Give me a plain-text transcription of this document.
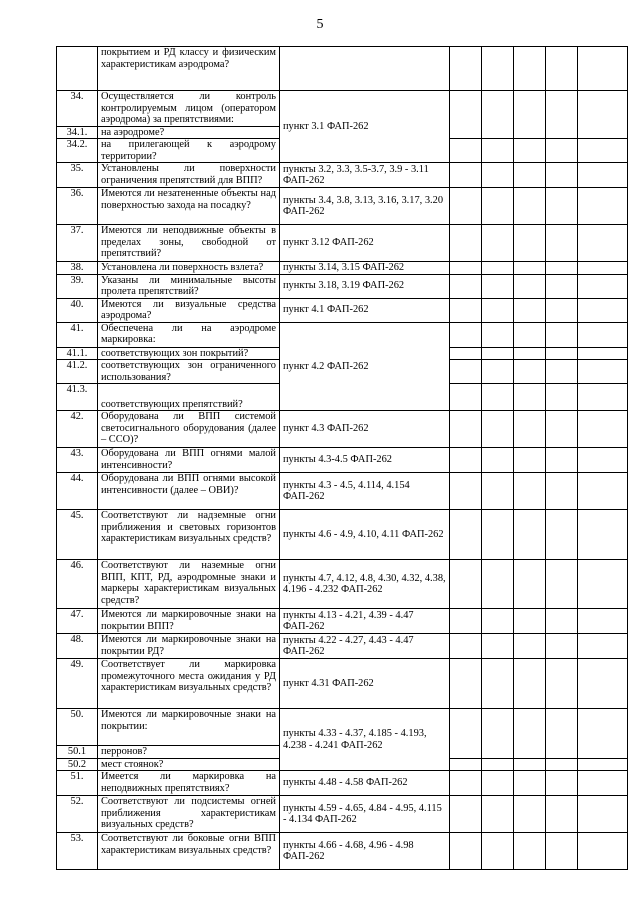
5
	покрытием и РД классу и физическим характеристикам аэродрома?						
34.	Осуществляется ли контроль контролируемым лицом (оператором аэродрома) за препятствиями:	пункт 3.1 ФАП-262					
34.1.	на аэродроме?						
34.2.	на прилегающей к аэродрому территории?						
35.	Установлены ли поверхности ограничения препятствий для ВПП?	пункты 3.2, 3.3, 3.5-3.7, 3.9 - 3.11 ФАП-262					
36.	Имеются ли незатененные объекты над поверхностью захода на посадку?	пункты 3.4, 3.8, 3.13, 3.16, 3.17, 3.20 ФАП-262					
37.	Имеются ли неподвижные объекты в пределах зоны, свободной от препятствий?	пункт 3.12 ФАП-262					
38.	Установлена ли поверхность взлета?	пункты 3.14, 3.15 ФАП-262					
39.	Указаны ли минимальные высоты пролета препятствий?	пункты 3.18, 3.19 ФАП-262					
40.	Имеются ли визуальные средства аэродрома?	пункт 4.1 ФАП-262					
41.	Обеспечена ли на аэродроме маркировка:	пункт 4.2 ФАП-262					
41.1.	соответствующих зон покрытий?						
41.2.	соответствующих зон ограниченного использования?						
41.3.	соответствующих препятствий?						
42.	Оборудована ли ВПП системой светосигнального оборудования (далее – ССО)?	пункт 4.3 ФАП-262					
43.	Оборудована ли ВПП огнями малой интенсивности?	пункты 4.3-4.5 ФАП-262					
44.	Оборудована ли ВПП огнями высокой интенсивности (далее – ОВИ)?	пункты 4.3 - 4.5, 4.114, 4.154 ФАП-262					
45.	Соответствуют ли надземные огни приближения и световых горизонтов характеристикам визуальных средств?	пункты 4.6 - 4.9, 4.10, 4.11 ФАП-262					
46.	Соответствуют ли наземные огни ВПП, КПТ, РД, аэродромные знаки и маркеры характеристикам визуальных средств?	пункты 4.7, 4.12, 4.8, 4.30, 4.32, 4.38, 4.196 - 4.232 ФАП-262					
47.	Имеются ли маркировочные знаки на покрытии ВПП?	пункты 4.13 - 4.21, 4.39 - 4.47 ФАП-262					
48.	Имеются ли маркировочные знаки на покрытии РД?	пункты 4.22 - 4.27, 4.43 - 4.47 ФАП-262					
49.	Соответствует ли маркировка промежуточного места ожидания у РД характеристикам визуальных средств?	пункт 4.31 ФАП-262					
50.	Имеются ли маркировочные знаки на покрытии:	пункты 4.33 - 4.37, 4.185 - 4.193, 4.238 - 4.241 ФАП-262					
50.1	перронов?						
50.2	мест стоянок?						
51.	Имеется ли маркировка на неподвижных препятствиях?	пункты 4.48 - 4.58 ФАП-262					
52.	Соответствуют ли подсистемы огней приближения характеристикам визуальных средств?	пункты 4.59 - 4.65, 4.84 - 4.95, 4.115 - 4.134 ФАП-262					
53.	Соответствуют ли боковые огни ВПП характеристикам визуальных средств?	пункты 4.66 - 4.68, 4.96 - 4.98 ФАП-262					
